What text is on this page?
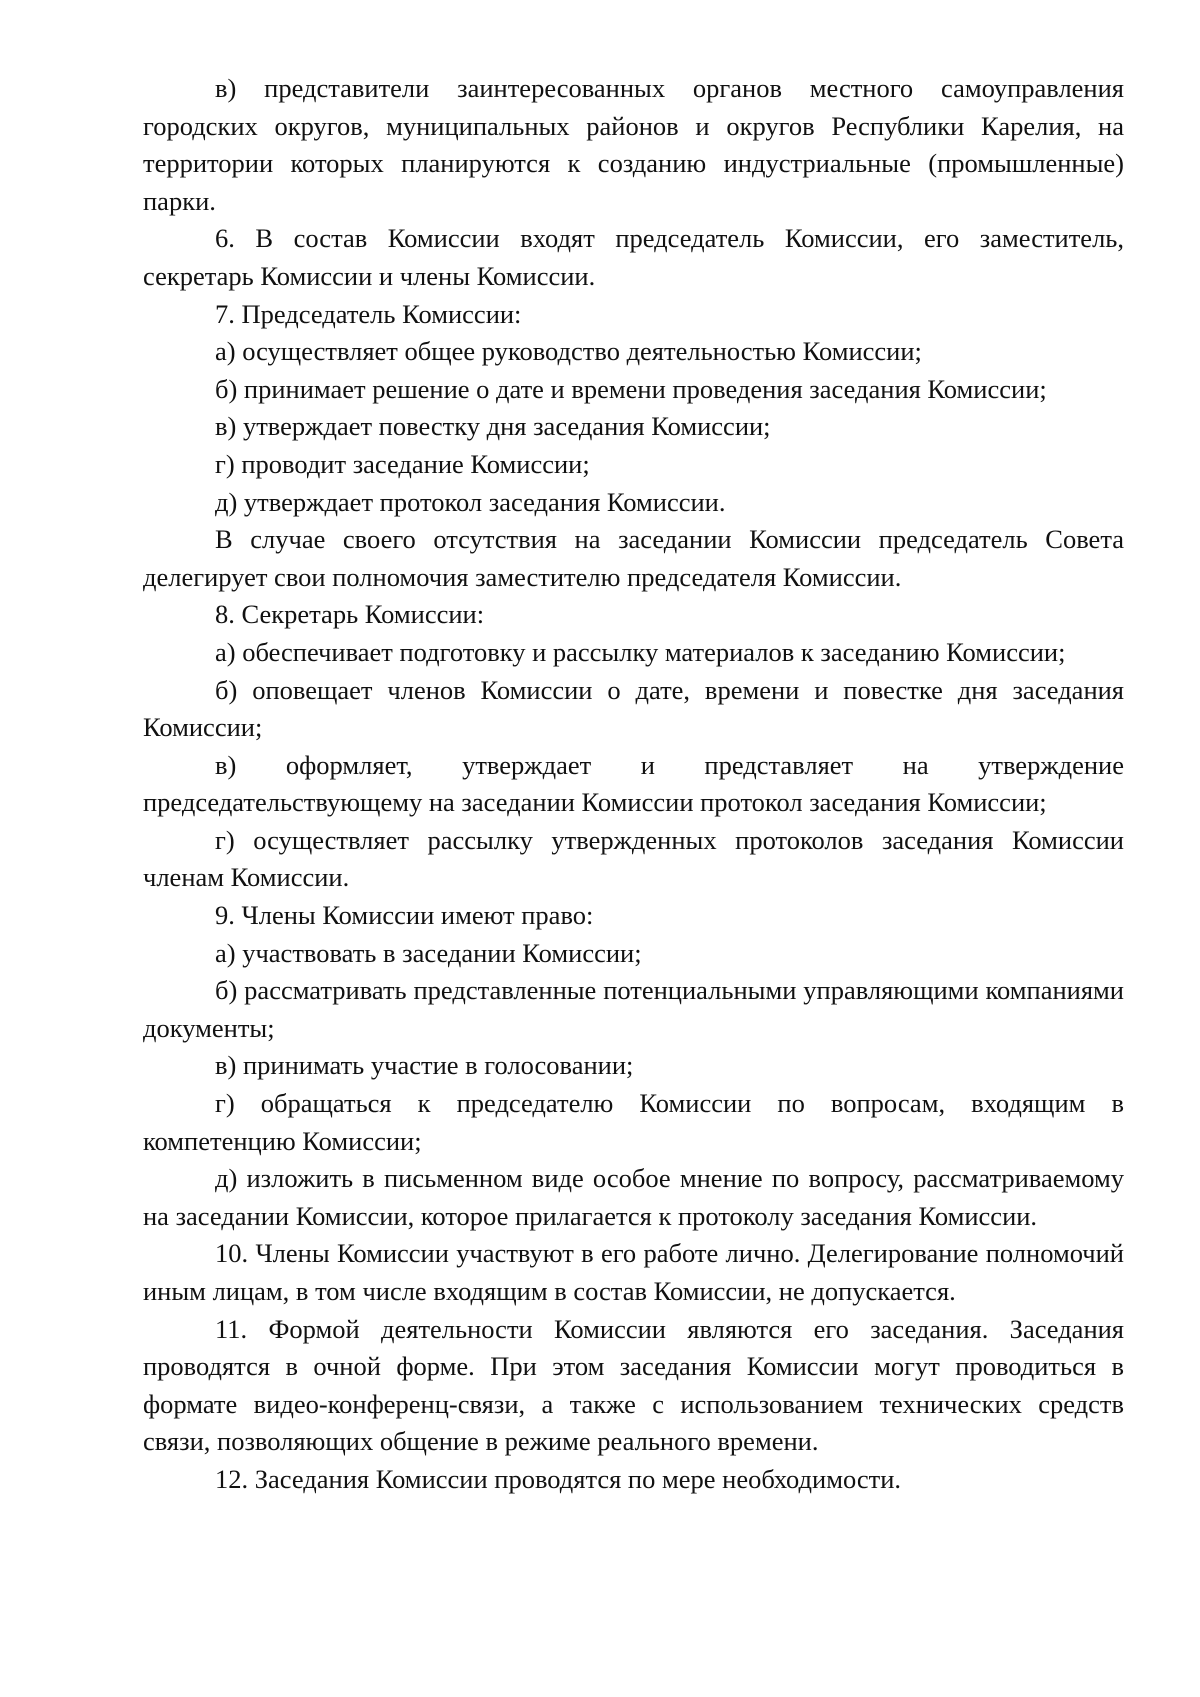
в) представители заинтересованных органов местного самоуправления городских округов, муниципальных районов и округов Республики Карелия, на территории которых планируются к созданию индустриальные (промышленные) парки.

6. В состав Комиссии входят председатель Комиссии, его заместитель, секретарь Комиссии и члены Комиссии.

7. Председатель Комиссии:

а) осуществляет общее руководство деятельностью Комиссии;

б) принимает решение о дате и времени проведения заседания Комиссии;

в) утверждает повестку дня заседания Комиссии;

г) проводит заседание Комиссии;

д) утверждает протокол заседания Комиссии.

В случае своего отсутствия на заседании Комиссии председатель Совета делегирует свои полномочия заместителю председателя Комиссии.

8. Секретарь Комиссии:

а) обеспечивает подготовку и рассылку материалов к заседанию Комиссии;

б) оповещает членов Комиссии о дате, времени и повестке дня заседания Комиссии;

в) оформляет, утверждает и представляет на утверждение председательствующему на заседании Комиссии протокол заседания Комиссии;

г) осуществляет рассылку утвержденных протоколов заседания Комиссии членам Комиссии.

9. Члены Комиссии имеют право:

а) участвовать в заседании Комиссии;

б) рассматривать представленные потенциальными управляющими компаниями документы;

в) принимать участие в голосовании;

г) обращаться к председателю Комиссии по вопросам, входящим в компетенцию Комиссии;

д) изложить в письменном виде особое мнение по вопросу, рассматриваемому на заседании Комиссии, которое прилагается к протоколу заседания Комиссии.

10. Члены Комиссии участвуют в его работе лично. Делегирование полномочий иным лицам, в том числе входящим в состав Комиссии, не допускается.

11. Формой деятельности Комиссии являются его заседания. Заседания проводятся в очной форме. При этом заседания Комиссии могут проводиться в формате видео-конференц-связи, а также с использованием технических средств связи, позволяющих общение в режиме реального времени.

12. Заседания Комиссии проводятся по мере необходимости.
